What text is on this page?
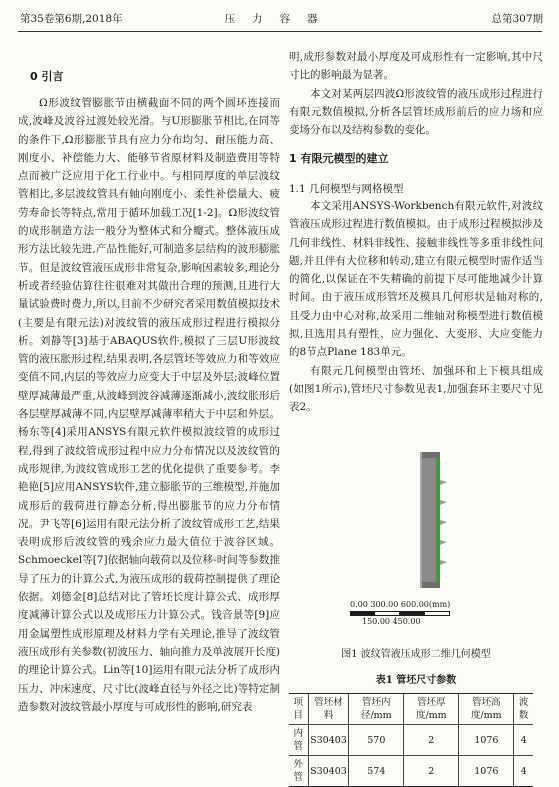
第35卷第6期,2018年	压力容器	总第307期
0 引言

Ω形波纹管膨胀节由横截面不同的两个圆环连接而成,波峰及波谷过渡处较光滑。与U形膨胀节相比,在同等的条件下,Ω形膨胀节具有应力分布均匀、耐压能力高、刚度小、补偿能力大、能够节省原材料及制造费用等特点而被广泛应用于化工行业中。与相同厚度的单层波纹管相比,多层波纹管具有轴向刚度小、柔性补偿量大、疲劳寿命长等特点,常用于循环加载工况[1-2]。Ω形波纹管的成形制造方法一般分为整体式和分瓣式。整体液压成形方法比较先进,产品性能好,可制造多层结构的波形膨胀节。但是波纹管液压成形非常复杂,影响因素较多,理论分析或者经验估算往往很难对其做出合理的预测,且进行大量试验费时费力,所以,目前不少研究者采用数值模拟技术(主要是有限元法)对波纹管的液压成形过程进行模拟分析。刘静等[3]基于ABAQUS软件,模拟了三层U形波纹管的液压胀形过程,结果表明,各层管坯等效应力和等效应变值不同,内层的等效应力应变大于中层及外层;波峰位置壁厚减薄最严重,从波峰到波谷减薄逐渐减小,波纹胀形后各层壁厚减薄不同,内层壁厚减薄率稍大于中层和外层。杨东等[4]采用ANSYS有限元软件模拟波纹管的成形过程,得到了波纹管成形过程中应力分布情况以及波纹管的成形规律,为波纹管成形工艺的优化提供了重要参考。李艳艳[5]应用ANSYS软件,建立膨胀节的三维模型,并施加成形后的载荷进行静态分析,得出膨胀节的应力分布情况。尹飞等[6]运用有限元法分析了波纹管成形工艺,结果表明成形后波纹管的残余应力最大值位于波谷区域。Schmoeckel等[7]依据轴向载荷以及位移-时间等参数推导了压力的计算公式,为液压成形的载荷控制提供了理论依据。刘德金[8]总结对比了管坯长度计算公式、成形厚度减薄计算公式以及成形压力计算公式。钱音景等[9]应用金属塑性成形原理及材料力学有关理论,推导了波纹管液压成形有关参数(初波压力、轴向推力及单波展开长度)的理论计算公式。Lin等[10]运用有限元法分析了成形内压力、冲床速度、尺寸比(波峰直径与外径之比)等特定制造参数对波纹管最小厚度与可成形性的影响,研究表

明,成形参数对最小厚度及可成形性有一定影响,其中尺寸比的影响最为显著。

本文对某两层四波Ω形波纹管的液压成形过程进行有限元数值模拟,分析各层管坯成形前后的应力场和应变场分布以及结构参数的变化。

1 有限元模型的建立
1.1 几何模型与网格模型

本文采用ANSYS-Workbench有限元软件,对波纹管液压成形过程进行数值模拟。由于成形过程模拟涉及几何非线性、材料非线性、接触非线性等多重非线性问题,并且伴有大位移和转动,建立有限元模型时需作适当的简化,以保证在不失精确的前提下尽可能地减少计算时间。由于液压成形管坯及模具几何形状是轴对称的,且受力由中心对称,故采用二维轴对称模型进行数值模拟,且选用具有塑性、应力强化、大变形、大应变能力的8节点Plane 183单元。

有限元几何模型由管坯、加强环和上下模具组成(如图1所示),管坯尺寸参数见表1,加强套环主要尺寸见表2。

0.00 300.00 600.00(mm)
150.00 450.00
图1 波纹管液压成形二维几何模型
表1 管坯尺寸参数
项目	管坯材料	管坯内径/mm	管坯厚度/mm	管坯高度/mm	波数
内管	S30403	570	2	1076	4
外管	S30403	574	2	1076	4
